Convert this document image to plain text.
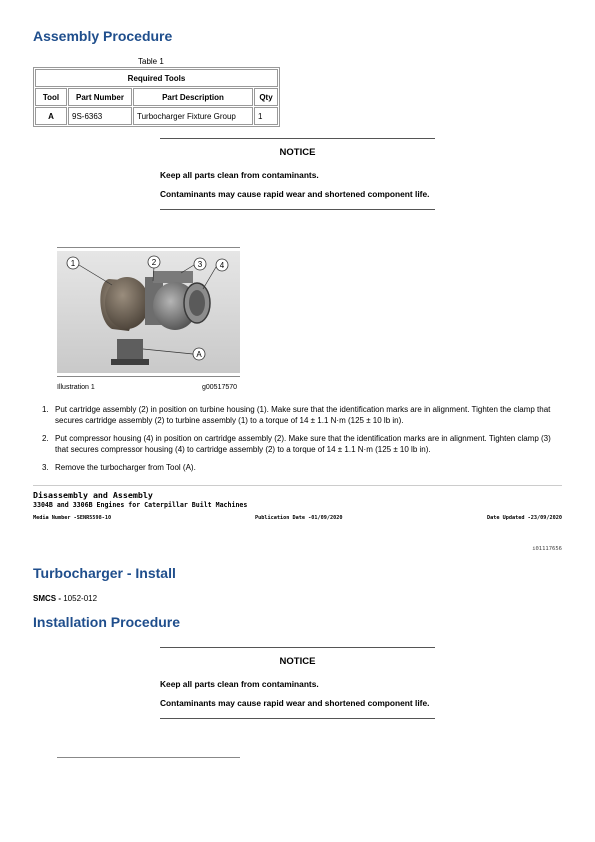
Assembly Procedure
Table 1
Required Tools			
Tool	Part Number	Part Description	Qty
A	9S-6363	Turbocharger Fixture Group	1
NOTICE

Keep all parts clean from contaminants.

Contaminants may cause rapid wear and shortened component life.

1	2	3 4
A
Illustration 1	g00517570
1. Put cartridge assembly (2) in position on turbine housing (1). Make sure that the identification marks are in alignment. Tighten the clamp that secures cartridge assembly (2) to turbine assembly (1) to a torque of 14 ± 1.1 N·m (125 ± 10 lb in).
2. Put compressor housing (4) in position on cartridge assembly (2). Make sure that the identification marks are in alignment. Tighten clamp (3) that secures compressor housing (4) to cartridge assembly (2) to a torque of 14 ± 1.1 N·m (125 ± 10 lb in).
3. Remove the turbocharger from Tool (A).
Disassembly and Assembly
3304B and 3306B Engines for Caterpillar Built Machines
Media Number -SENR5598-10	Publication Date -01/09/2020	Date Updated -23/09/2020
i01117656
Turbocharger - Install
SMCS - 1052-012
Installation Procedure
NOTICE

Keep all parts clean from contaminants.

Contaminants may cause rapid wear and shortened component life.
